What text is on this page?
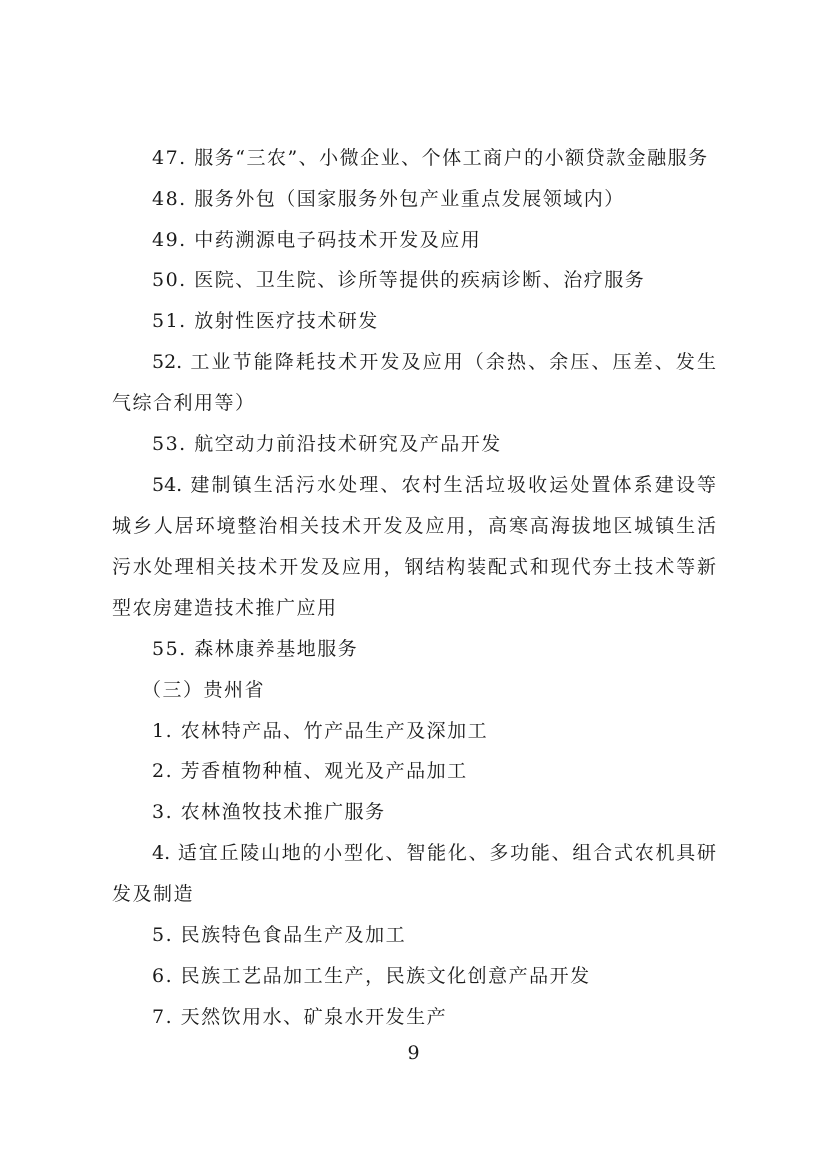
47. 服务“三农”、小微企业、个体工商户的小额贷款金融服务
48. 服务外包（国家服务外包产业重点发展领域内）
49. 中药溯源电子码技术开发及应用
50. 医院、卫生院、诊所等提供的疾病诊断、治疗服务
51. 放射性医疗技术研发
52. 工业节能降耗技术开发及应用（余热、余压、压差、发生
气综合利用等）
53. 航空动力前沿技术研究及产品开发
54. 建制镇生活污水处理、农村生活垃圾收运处置体系建设等
城乡人居环境整治相关技术开发及应用，高寒高海拔地区城镇生活
污水处理相关技术开发及应用，钢结构装配式和现代夯土技术等新
型农房建造技术推广应用
55. 森林康养基地服务
（三）贵州省
1. 农林特产品、竹产品生产及深加工
2. 芳香植物种植、观光及产品加工
3. 农林渔牧技术推广服务
4. 适宜丘陵山地的小型化、智能化、多功能、组合式农机具研
发及制造
5. 民族特色食品生产及加工
6. 民族工艺品加工生产，民族文化创意产品开发
7. 天然饮用水、矿泉水开发生产
9
